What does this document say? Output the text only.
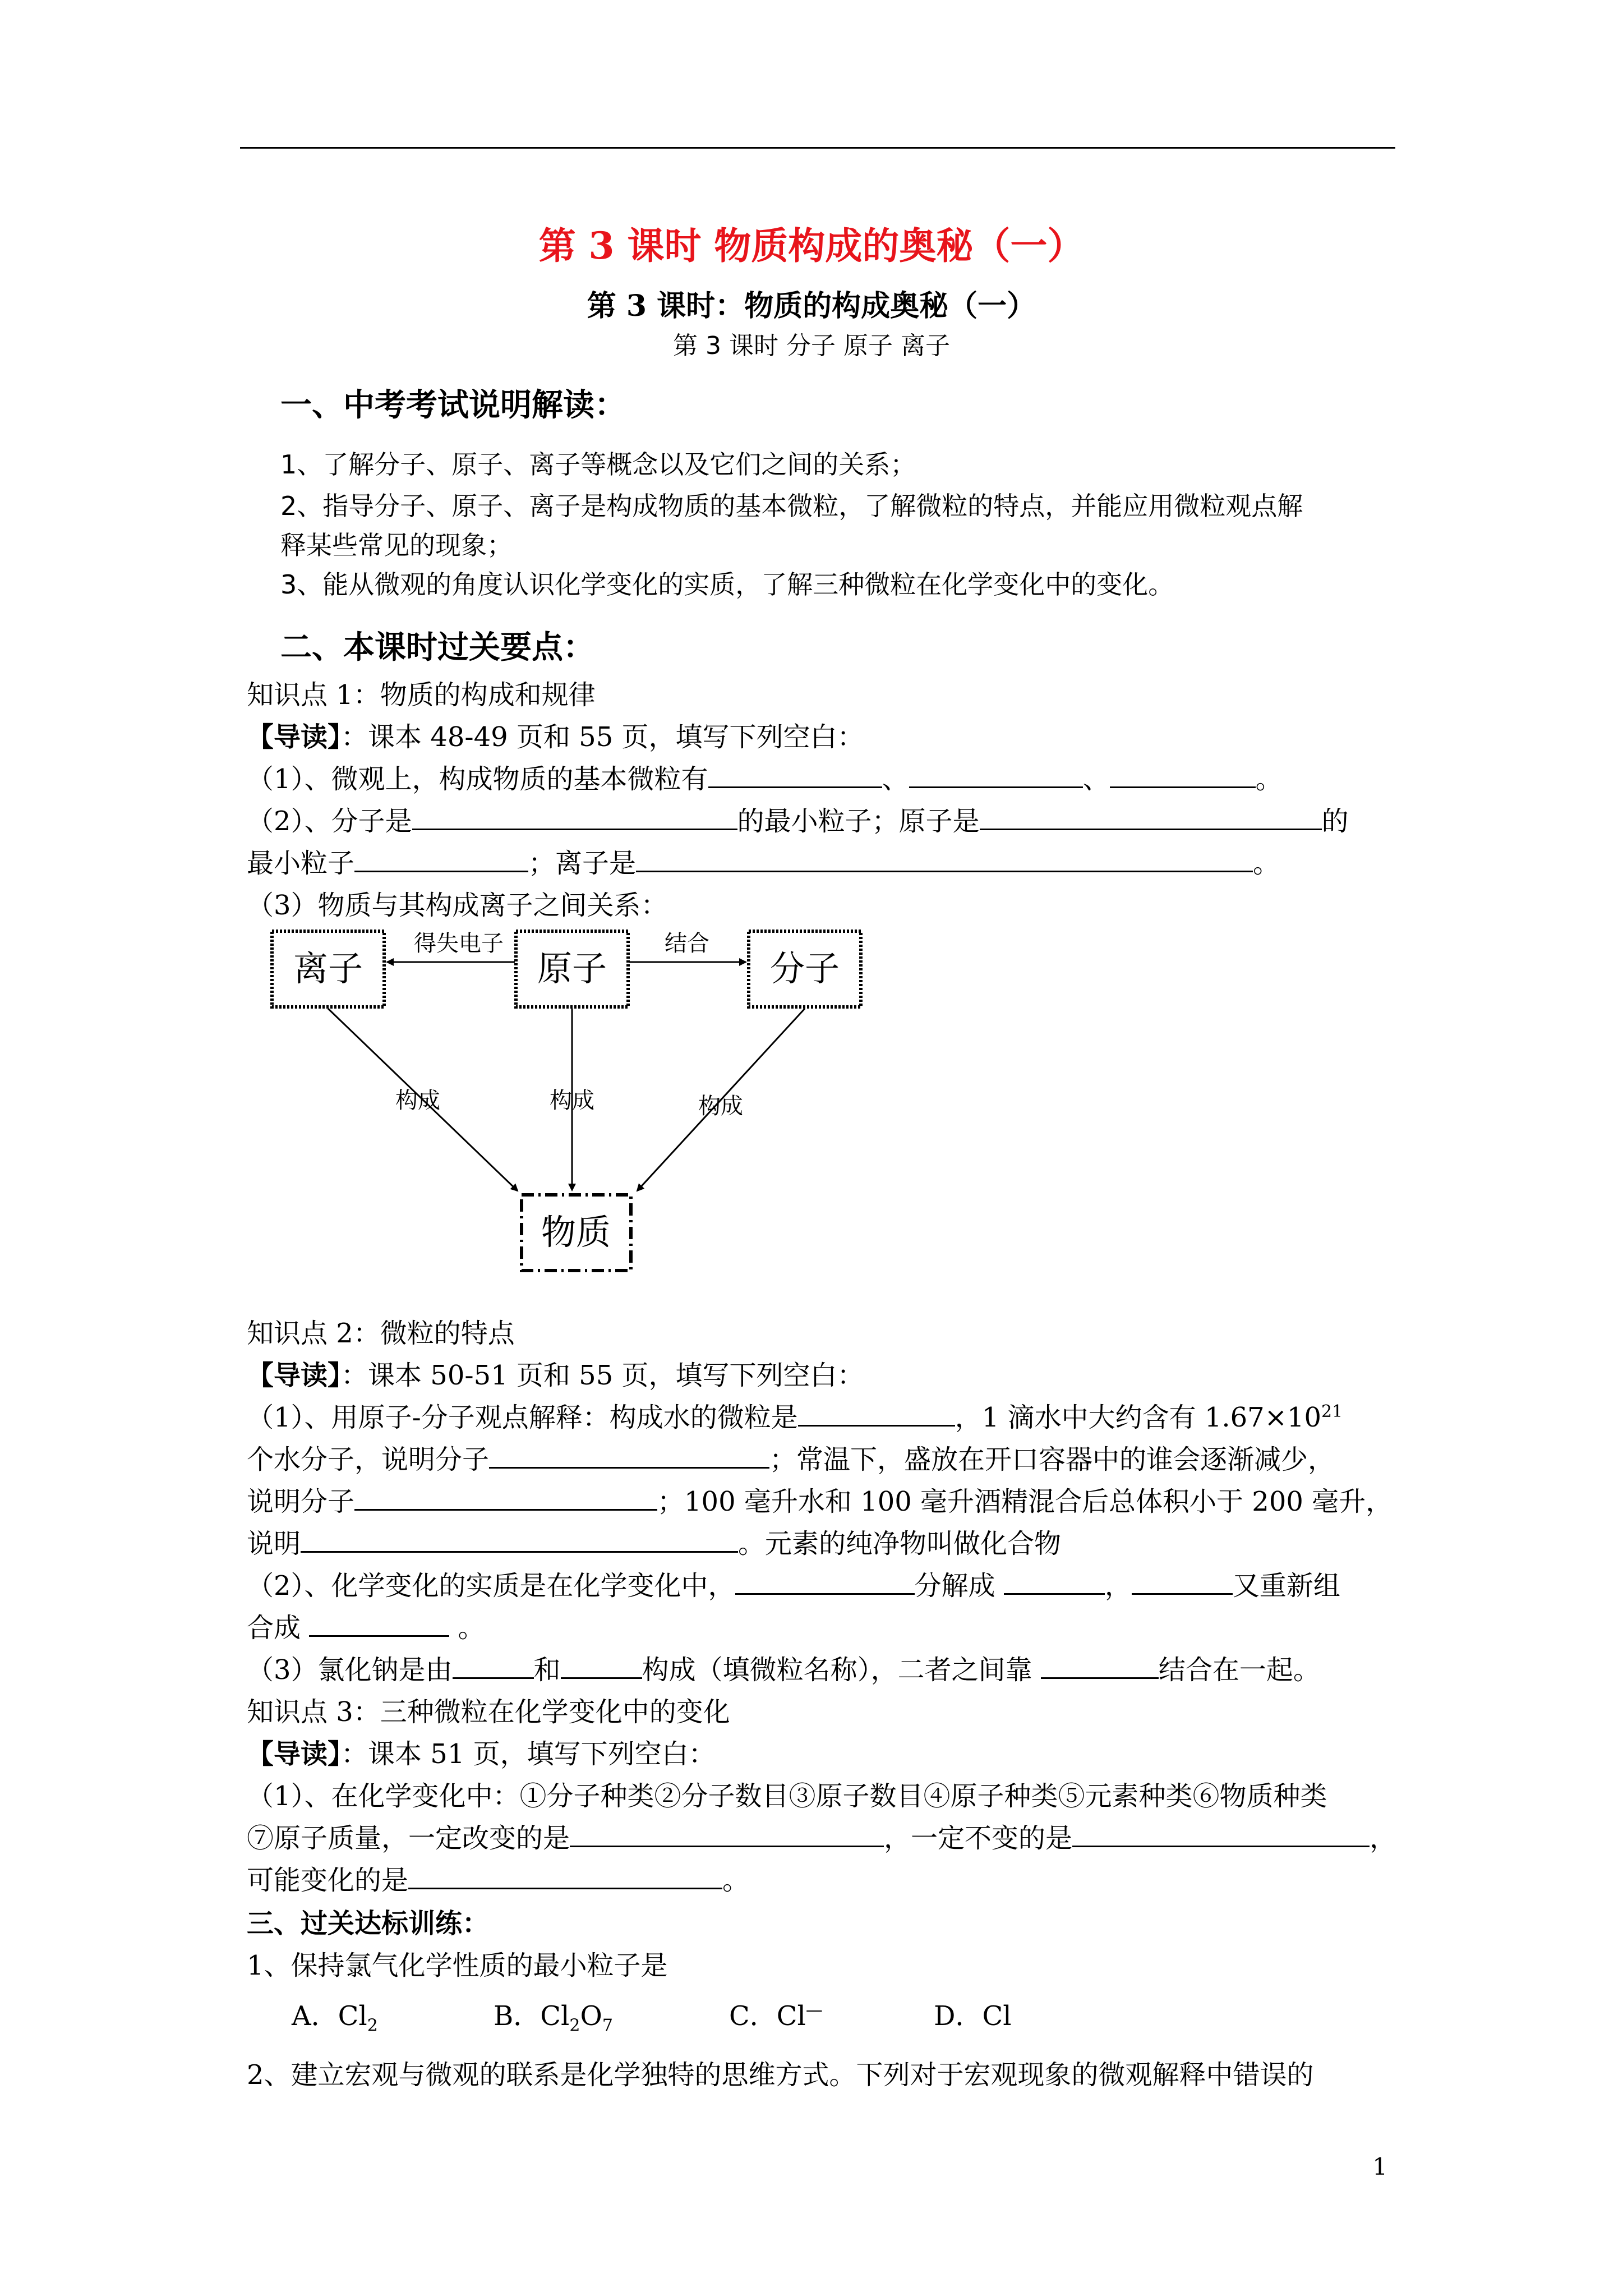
第 3 课时 物质构成的奥秘（一）
第 3 课时：物质的构成奥秘（一）
第 3 课时 分子 原子 离子
一、中考考试说明解读：
1、了解分子、原子、离子等概念以及它们之间的关系；
2、指导分子、原子、离子是构成物质的基本微粒，了解微粒的特点，并能应用微粒观点解
释某些常见的现象；
3、能从微观的角度认识化学变化的实质，了解三种微粒在化学变化中的变化。
二、本课时过关要点：
知识点 1：物质的构成和规律
【导读】：课本 48-49 页和 55 页，填写下列空白：
（1）、微观上，构成物质的基本微粒有	、	、	。
（2）、分子是	的最小粒子；原子是	的
最小粒子	；离子是	。
（3）物质与其构成离子之间关系：
离子	原子	分子
物质
得失电子	结合
构成	构成	构成
知识点 2：微粒的特点
【导读】：课本 50-51 页和 55 页，填写下列空白：
（1）、用原子-分子观点解释：构成水的微粒是	，1 滴水中大约含有 $1.67\times 10^{21}$
个水分子，说明分子	；常温下，盛放在开口容器中的谁会逐渐减少，
说明分子	；100 毫升水和 100 毫升酒精混合后总体积小于 200 毫升，
说明	。元素的纯净物叫做化合物
（2）、化学变化的实质是在化学变化中，	分解成	，	又重新组
合成	。
（3）氯化钠是由	和	构成（填微粒名称），二者之间靠	结合在一起。
知识点 3：三种微粒在化学变化中的变化
【导读】：课本 51 页，填写下列空白：
（1）、在化学变化中：①分子种类②分子数目③原子数目④原子种类⑤元素种类⑥物质种类
⑦原子质量，一定改变的是	，一定不变的是	，
可能变化的是	。
三、过关达标训练：
1、保持氯气化学性质的最小粒子是
A．$Cl_2$	B．$Cl_2O_7$	C．Cl—	D．Cl
2、建立宏观与微观的联系是化学独特的思维方式。下列对于宏观现象的微观解释中错误的
1
